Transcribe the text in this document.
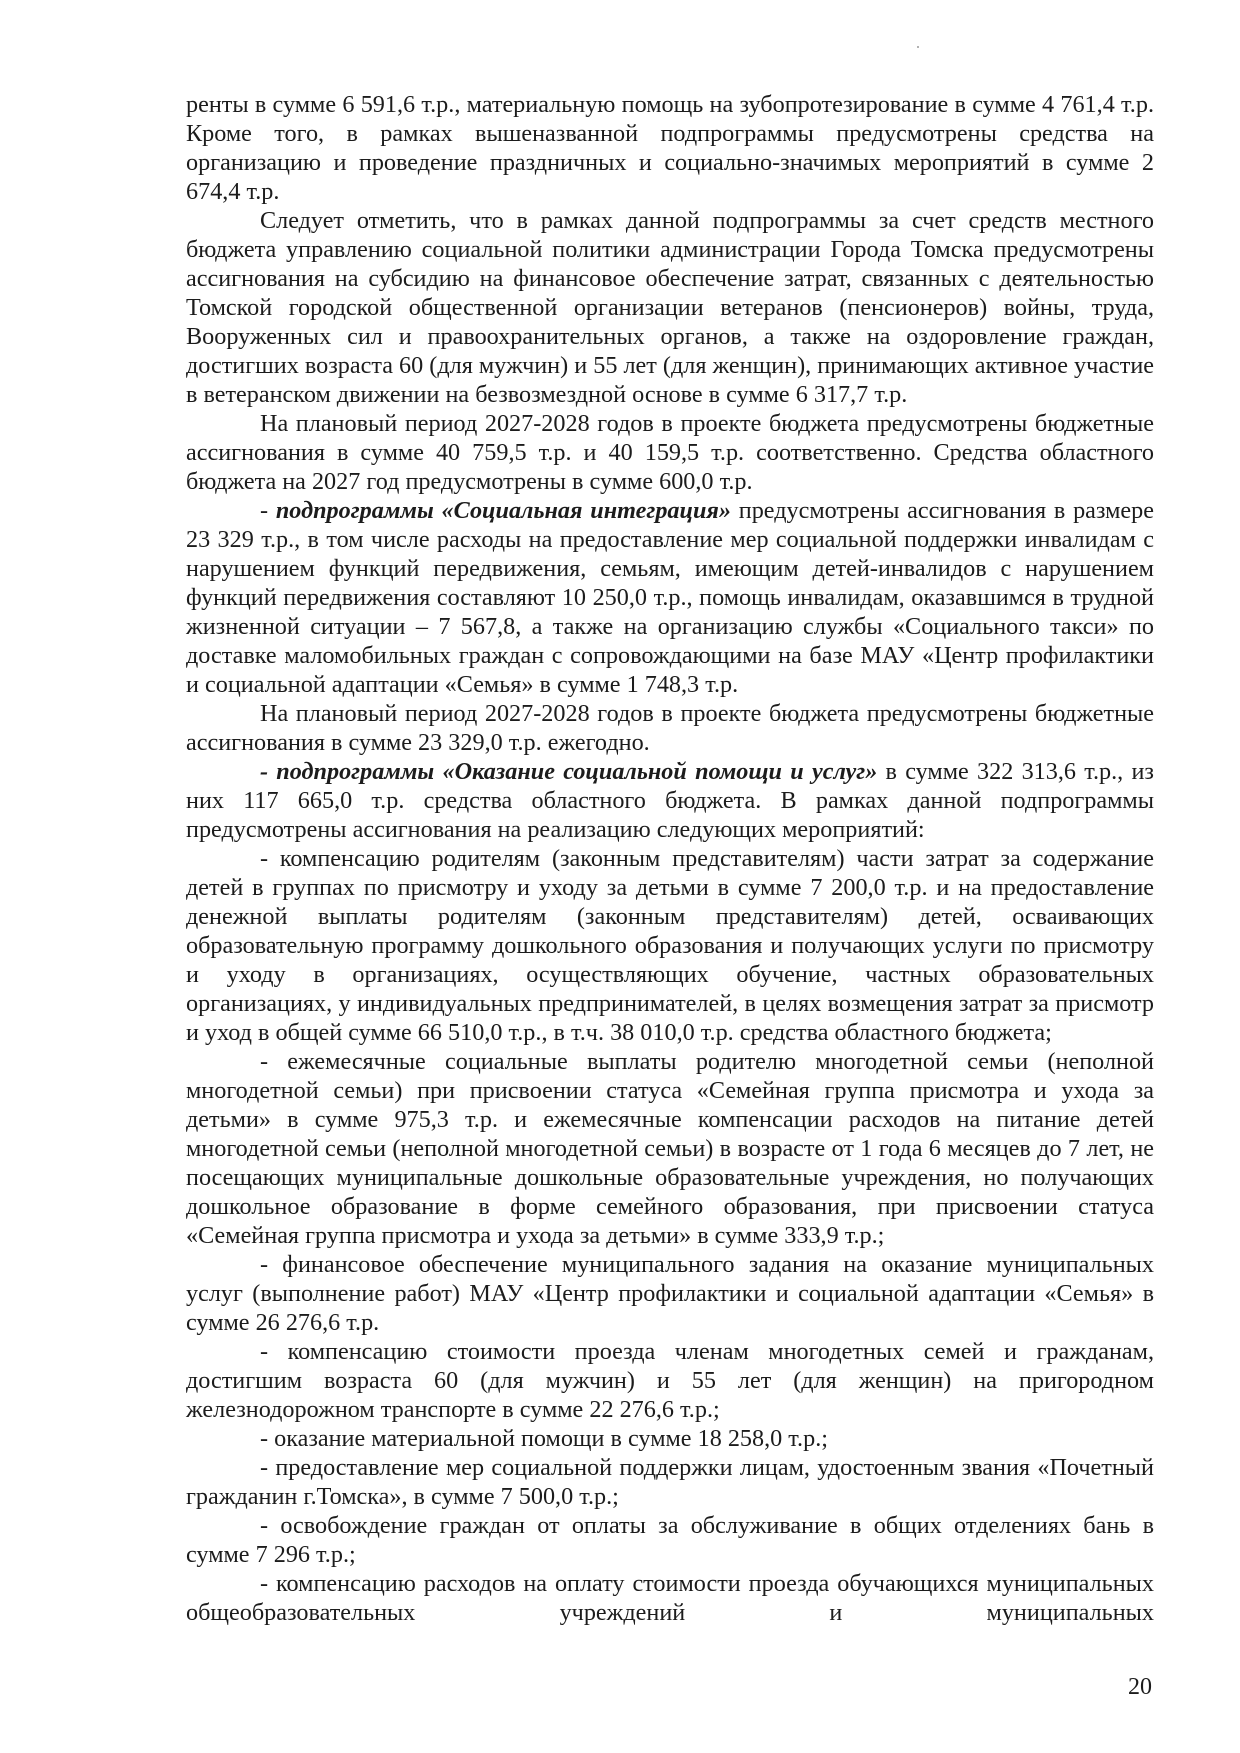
ренты в сумме 6 591,6 т.р., материальную помощь на зубопротезирование в сумме 4 761,4 т.р. Кроме того, в рамках вышеназванной подпрограммы предусмотрены средства на организацию и проведение праздничных и социально-значимых мероприятий в сумме 2 674,4 т.р.

Следует отметить, что в рамках данной подпрограммы за счет средств местного бюджета управлению социальной политики администрации Города Томска предусмотрены ассигнования на субсидию на финансовое обеспечение затрат, связанных с деятельностью Томской городской общественной организации ветеранов (пенсионеров) войны, труда, Вооруженных сил и правоохранительных органов, а также на оздоровление граждан, достигших возраста 60 (для мужчин) и 55 лет (для женщин), принимающих активное участие в ветеранском движении на безвозмездной основе в сумме 6 317,7 т.р.

На плановый период 2027-2028 годов в проекте бюджета предусмотрены бюджетные ассигнования в сумме 40 759,5 т.р. и 40 159,5 т.р. соответственно. Средства областного бюджета на 2027 год предусмотрены в сумме 600,0 т.р.

- подпрограммы «Социальная интеграция» предусмотрены ассигнования в размере 23 329 т.р., в том числе расходы на предоставление мер социальной поддержки инвалидам с нарушением функций передвижения, семьям, имеющим детей-инвалидов с нарушением функций передвижения составляют 10 250,0 т.р., помощь инвалидам, оказавшимся в трудной жизненной ситуации – 7 567,8, а также на организацию службы «Социального такси» по доставке маломобильных граждан с сопровождающими на базе МАУ «Центр профилактики и социальной адаптации «Семья» в сумме 1 748,3 т.р.

На плановый период 2027-2028 годов в проекте бюджета предусмотрены бюджетные ассигнования в сумме 23 329,0 т.р. ежегодно.

- подпрограммы «Оказание социальной помощи и услуг» в сумме 322 313,6 т.р., из них 117 665,0 т.р. средства областного бюджета. В рамках данной подпрограммы предусмотрены ассигнования на реализацию следующих мероприятий:

- компенсацию родителям (законным представителям) части затрат за содержание детей в группах по присмотру и уходу за детьми в сумме 7 200,0 т.р. и на предоставление денежной выплаты родителям (законным представителям) детей, осваивающих образовательную программу дошкольного образования и получающих услуги по присмотру и уходу в организациях, осуществляющих обучение, частных образовательных организациях, у индивидуальных предпринимателей, в целях возмещения затрат за присмотр и уход в общей сумме 66 510,0 т.р., в т.ч. 38 010,0 т.р. средства областного бюджета;

- ежемесячные социальные выплаты родителю многодетной семьи (неполной многодетной семьи) при присвоении статуса «Семейная группа присмотра и ухода за детьми» в сумме 975,3 т.р. и ежемесячные компенсации расходов на питание детей многодетной семьи (неполной многодетной семьи) в возрасте от 1 года 6 месяцев до 7 лет, не посещающих муниципальные дошкольные образовательные учреждения, но получающих дошкольное образование в форме семейного образования, при присвоении статуса «Семейная группа присмотра и ухода за детьми» в сумме 333,9 т.р.;

- финансовое обеспечение муниципального задания на оказание муниципальных услуг (выполнение работ) МАУ «Центр профилактики и социальной адаптации «Семья» в сумме 26 276,6 т.р.

- компенсацию стоимости проезда членам многодетных семей и гражданам, достигшим возраста 60 (для мужчин) и 55 лет (для женщин) на пригородном железнодорожном транспорте в сумме 22 276,6 т.р.;

- оказание материальной помощи в сумме 18 258,0 т.р.;

- предоставление мер социальной поддержки лицам, удостоенным звания «Почетный гражданин г.Томска», в сумме 7 500,0 т.р.;

- освобождение граждан от оплаты за обслуживание в общих отделениях бань в сумме 7 296 т.р.;

- компенсацию расходов на оплату стоимости проезда обучающихся муниципальных общеобразовательных учреждений и муниципальных

20
